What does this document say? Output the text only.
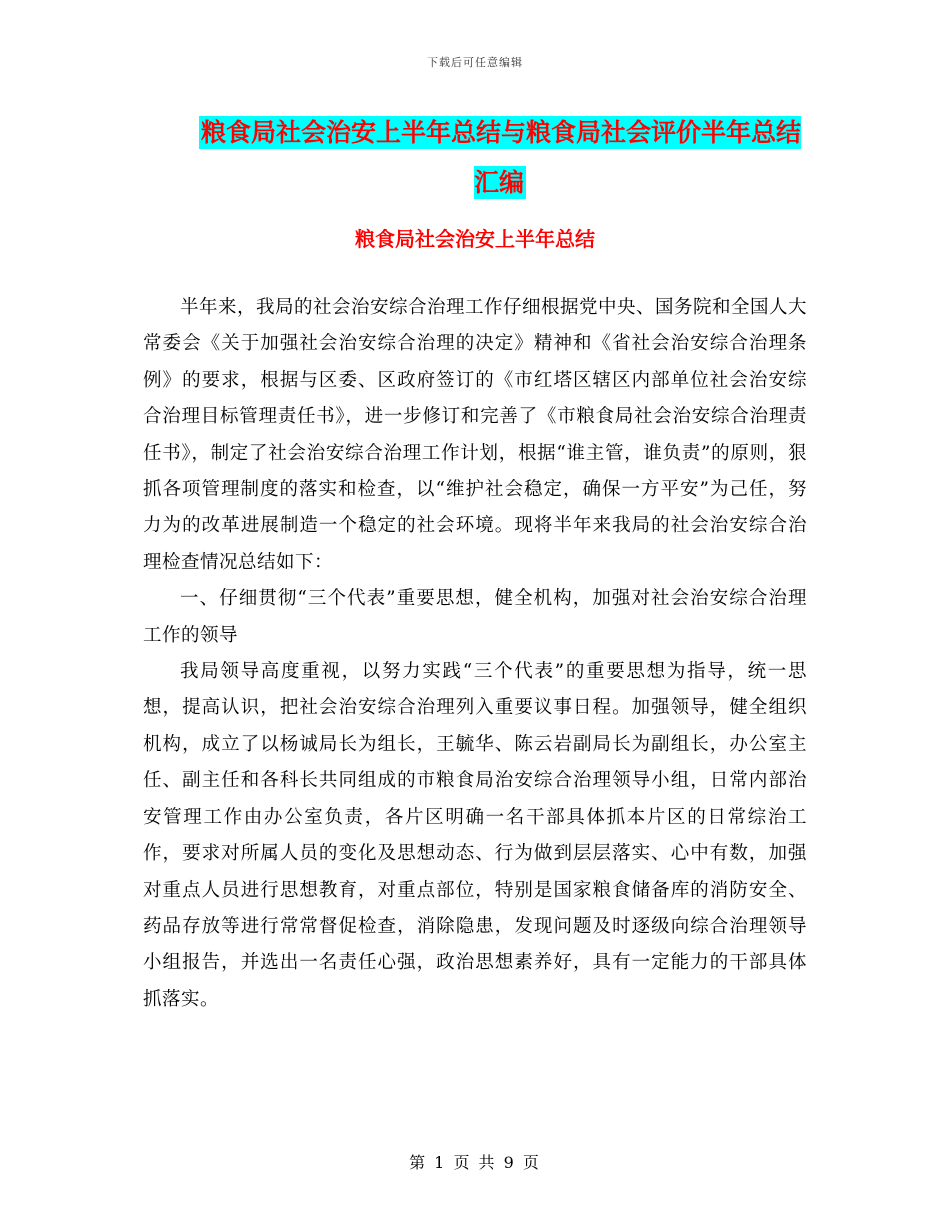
下载后可任意编辑
粮食局社会治安上半年总结与粮食局社会评价半年总结汇编
粮食局社会治安上半年总结

半年来，我局的社会治安综合治理工作仔细根据党中央、国务院和全国人大常委会《关于加强社会治安综合治理的决定》精神和《省社会治安综合治理条例》的要求，根据与区委、区政府签订的《市红塔区辖区内部单位社会治安综合治理目标管理责任书》，进一步修订和完善了《市粮食局社会治安综合治理责任书》，制定了社会治安综合治理工作计划，根据“谁主管，谁负责”的原则，狠抓各项管理制度的落实和检查，以“维护社会稳定，确保一方平安”为己任，努力为的改革进展制造一个稳定的社会环境。现将半年来我局的社会治安综合治理检查情况总结如下：

一、仔细贯彻“三个代表”重要思想，健全机构，加强对社会治安综合治理工作的领导

我局领导高度重视，以努力实践“三个代表”的重要思想为指导，统一思想，提高认识，把社会治安综合治理列入重要议事日程。加强领导，健全组织机构，成立了以杨诚局长为组长，王毓华、陈云岩副局长为副组长，办公室主任、副主任和各科长共同组成的市粮食局治安综合治理领导小组，日常内部治安管理工作由办公室负责，各片区明确一名干部具体抓本片区的日常综治工作，要求对所属人员的变化及思想动态、行为做到层层落实、心中有数，加强对重点人员进行思想教育，对重点部位，特别是国家粮食储备库的消防安全、药品存放等进行常常督促检查，消除隐患，发现问题及时逐级向综合治理领导小组报告，并选出一名责任心强，政治思想素养好，具有一定能力的干部具体抓落实。

第 1 页 共 9 页
